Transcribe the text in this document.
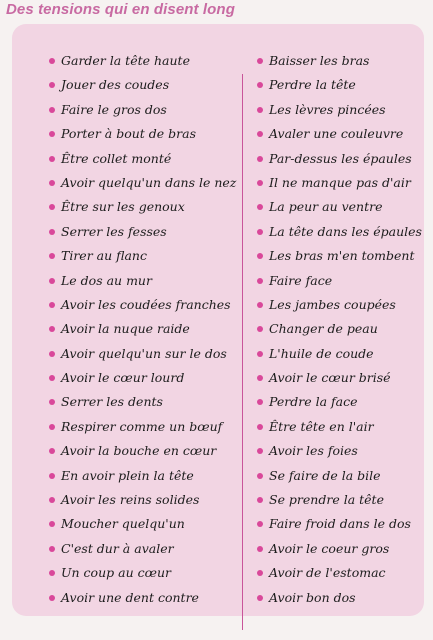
Des tensions qui en disent long
Garder la tête haute
Jouer des coudes
Faire le gros dos
Porter à bout de bras
Être collet monté
Avoir quelqu'un dans le nez
Être sur les genoux
Serrer les fesses
Tirer au flanc
Le dos au mur
Avoir les coudées franches
Avoir la nuque raide
Avoir quelqu'un sur le dos
Avoir le cœur lourd
Serrer les dents
Respirer comme un bœuf
Avoir la bouche en cœur
En avoir plein la tête
Avoir les reins solides
Moucher quelqu'un
C'est dur à avaler
Un coup au cœur
Avoir une dent contre
Baisser les bras
Perdre la tête
Les lèvres pincées
Avaler une couleuvre
Par-dessus les épaules
Il ne manque pas d'air
La peur au ventre
La tête dans les épaules
Les bras m'en tombent
Faire face
Les jambes coupées
Changer de peau
L'huile de coude
Avoir le cœur brisé
Perdre la face
Être tête en l'air
Avoir les foies
Se faire de la bile
Se prendre la tête
Faire froid dans le dos
Avoir le coeur gros
Avoir de l'estomac
Avoir bon dos
